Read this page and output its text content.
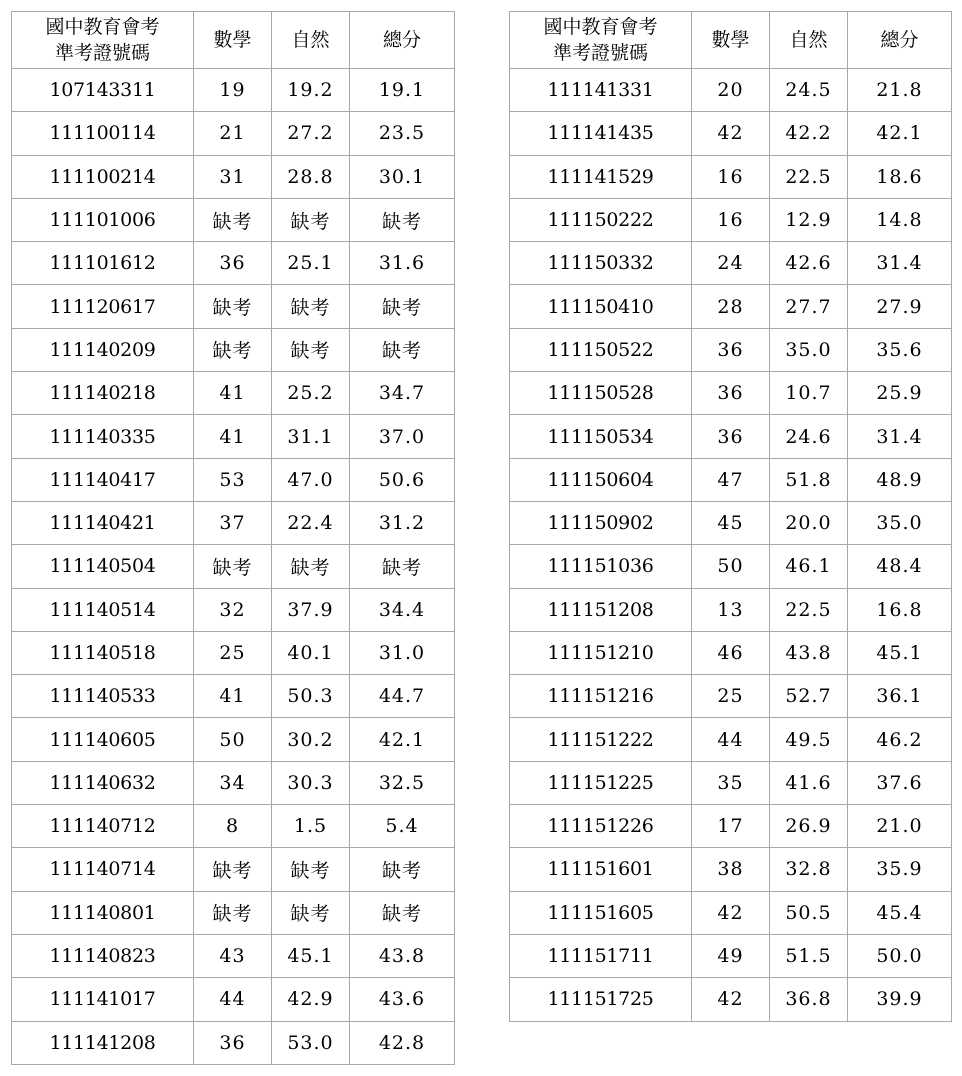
國中教育會考
準考證號碼	數學	自然	總分
107143311	19	19.2	19.1
111100114	21	27.2	23.5
111100214	31	28.8	30.1
111101006	缺考	缺考	缺考
111101612	36	25.1	31.6
111120617	缺考	缺考	缺考
111140209	缺考	缺考	缺考
111140218	41	25.2	34.7
111140335	41	31.1	37.0
111140417	53	47.0	50.6
111140421	37	22.4	31.2
111140504	缺考	缺考	缺考
111140514	32	37.9	34.4
111140518	25	40.1	31.0
111140533	41	50.3	44.7
111140605	50	30.2	42.1
111140632	34	30.3	32.5
111140712	8	1.5	5.4
111140714	缺考	缺考	缺考
111140801	缺考	缺考	缺考
111140823	43	45.1	43.8
111141017	44	42.9	43.6
111141208	36	53.0	42.8
國中教育會考
準考證號碼	數學	自然	總分
111141331	20	24.5	21.8
111141435	42	42.2	42.1
111141529	16	22.5	18.6
111150222	16	12.9	14.8
111150332	24	42.6	31.4
111150410	28	27.7	27.9
111150522	36	35.0	35.6
111150528	36	10.7	25.9
111150534	36	24.6	31.4
111150604	47	51.8	48.9
111150902	45	20.0	35.0
111151036	50	46.1	48.4
111151208	13	22.5	16.8
111151210	46	43.8	45.1
111151216	25	52.7	36.1
111151222	44	49.5	46.2
111151225	35	41.6	37.6
111151226	17	26.9	21.0
111151601	38	32.8	35.9
111151605	42	50.5	45.4
111151711	49	51.5	50.0
111151725	42	36.8	39.9
